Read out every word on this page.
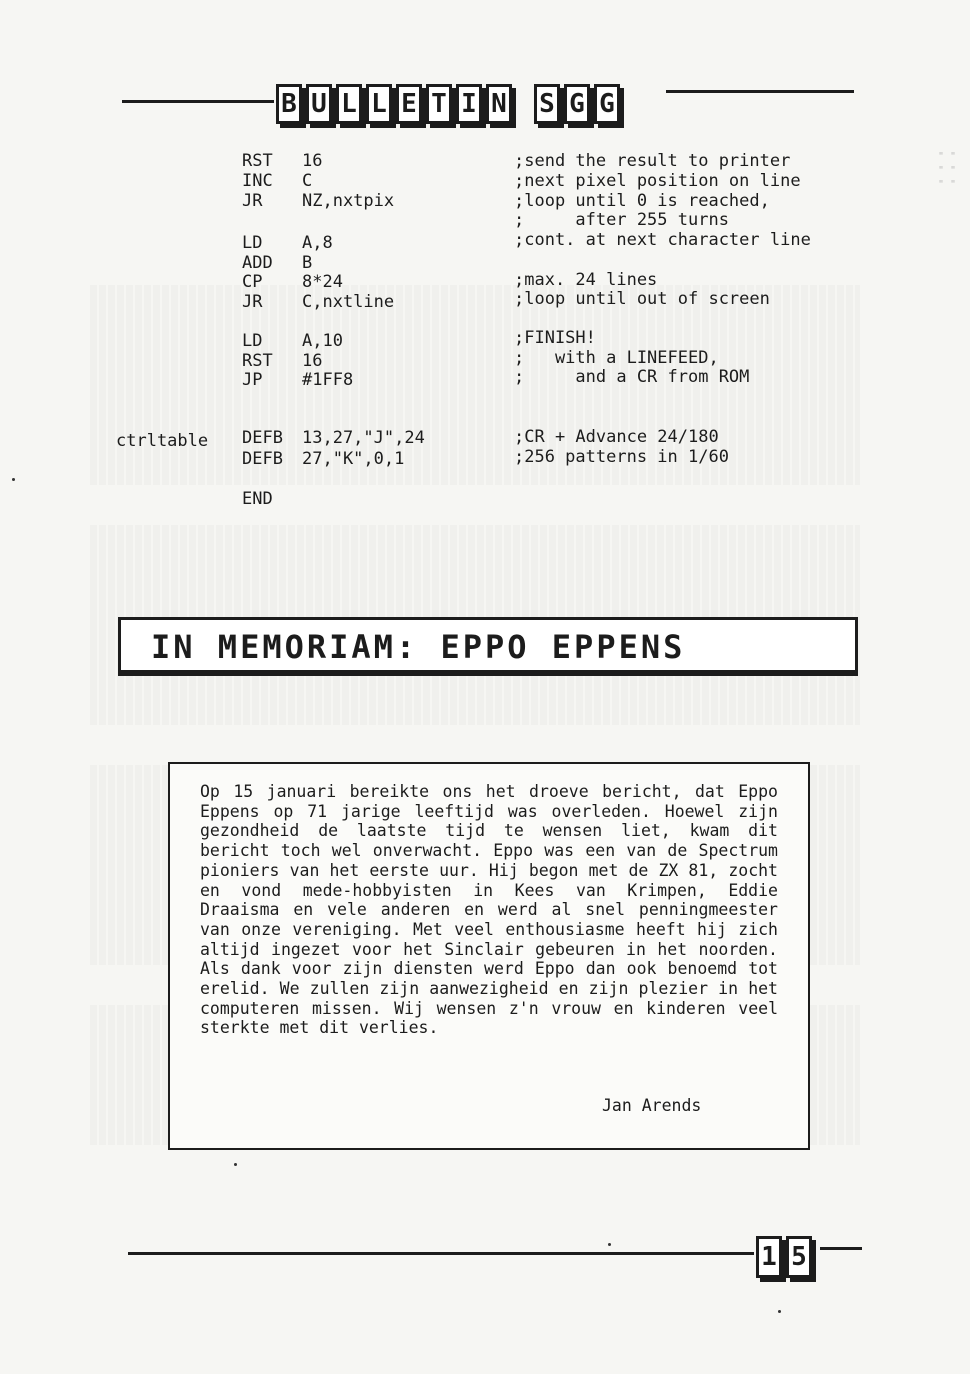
" " " " " "
B U L L E T I N S G G
RST 16	;send the result to printer
INC C	;next pixel position on line
JR NZ,nxtpix	;loop until 0 is reached,
;     after 255 turns
LD A,8	;cont. at next character line
ADD B
CP 8*24	;max. 24 lines
JR C,nxtline	;loop until out of screen
LD A,10	;FINISH!
RST 16	;   with a LINEFEED,
JP #1FF8	;     and a CR from ROM
ctrltable DEFB 13,27,"J",24	;CR + Advance 24/180
DEFB 27,"K",0,1	;256 patterns in 1/60
END
IN MEMORIAM: EPPO EPPENS
Op 15 januari bereikte ons het droeve bericht, dat Eppo Eppens op 71 jarige leeftijd was overleden. Hoewel zijn gezondheid de laatste tijd te wensen liet, kwam dit bericht toch wel onverwacht. Eppo was een van de Spectrum pioniers van het eerste uur. Hij begon met de ZX 81, zocht en vond mede-hobbyisten in Kees van Krimpen, Eddie Draaisma en vele anderen en werd al snel penningmeester van onze vereniging. Met veel enthousiasme heeft hij zich altijd ingezet voor het Sinclair gebeuren in het noorden. Als dank voor zijn diensten werd Eppo dan ook benoemd tot erelid. We zullen zijn aanwezigheid en zijn plezier in het computeren missen. Wij wensen z'n vrouw en kinderen veel sterkte met dit verlies.
Jan Arends
1 5
